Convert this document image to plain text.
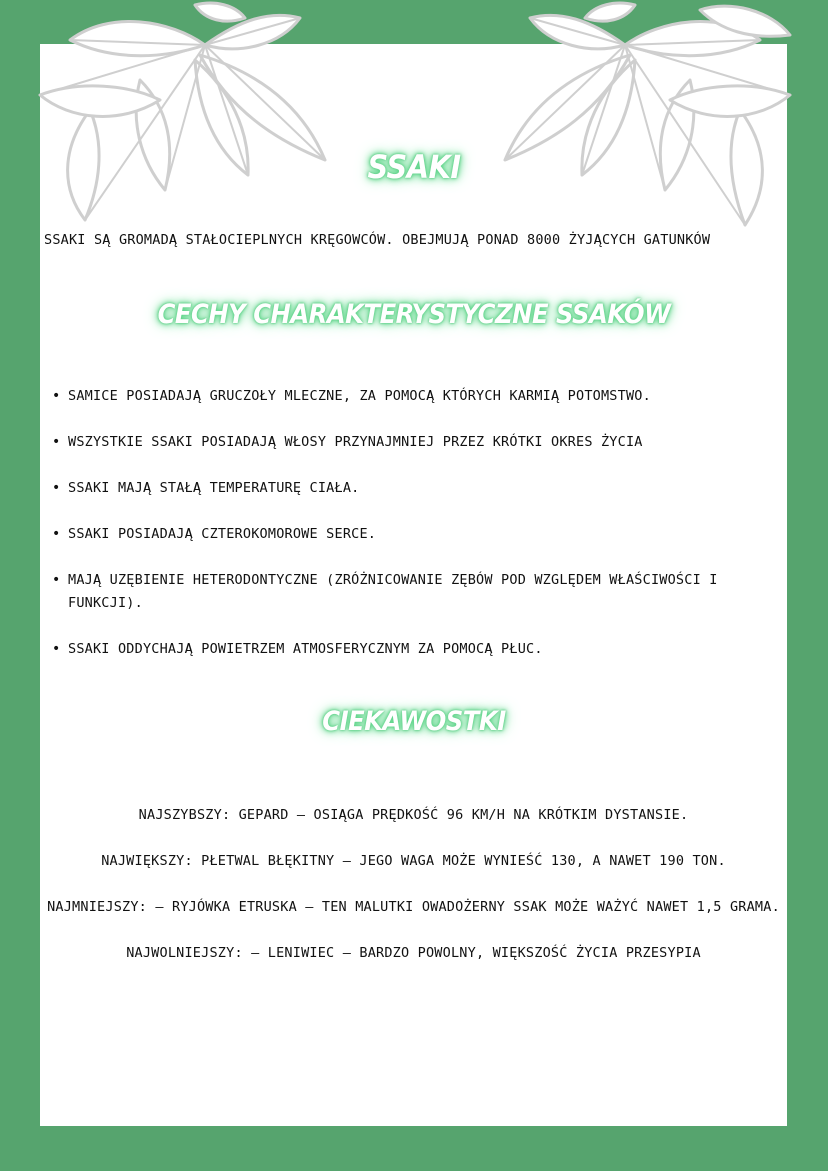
SSAKI
SSAKI SĄ GROMADĄ STAŁOCIEPLNYCH KRĘGOWCÓW. OBEJMUJĄ PONAD 8000 ŻYJĄCYCH GATUNKÓW
CECHY CHARAKTERYSTYCZNE SSAKÓW
• SAMICE POSIADAJĄ GRUCZOŁY MLECZNE, ZA POMOCĄ KTÓRYCH KARMIĄ POTOMSTWO.
• WSZYSTKIE SSAKI POSIADAJĄ WŁOSY PRZYNAJMNIEJ PRZEZ KRÓTKI OKRES ŻYCIA
• SSAKI MAJĄ STAŁĄ TEMPERATURĘ CIAŁA.
• SSAKI POSIADAJĄ CZTEROKOMOROWE SERCE.
• MAJĄ UZĘBIENIE HETERODONTYCZNE (ZRÓŻNICOWANIE ZĘBÓW POD WZGLĘDEM WŁAŚCIWOŚCI I FUNKCJI).
• SSAKI ODDYCHAJĄ POWIETRZEM ATMOSFERYCZNYM ZA POMOCĄ PŁUC.
CIEKAWOSTKI

NAJSZYBSZY: GEPARD – OSIĄGA PRĘDKOŚĆ 96 KM/H NA KRÓTKIM DYSTANSIE.

NAJWIĘKSZY: PŁETWAL BŁĘKITNY – JEGO WAGA MOŻE WYNIEŚĆ 130, A NAWET 190 TON.

NAJMNIEJSZY: – RYJÓWKA ETRUSKA – TEN MALUTKI OWADOŻERNY SSAK MOŻE WAŻYĆ NAWET 1,5 GRAMA.

NAJWOLNIEJSZY: – LENIWIEC – BARDZO POWOLNY, WIĘKSZOŚĆ ŻYCIA PRZESYPIA
